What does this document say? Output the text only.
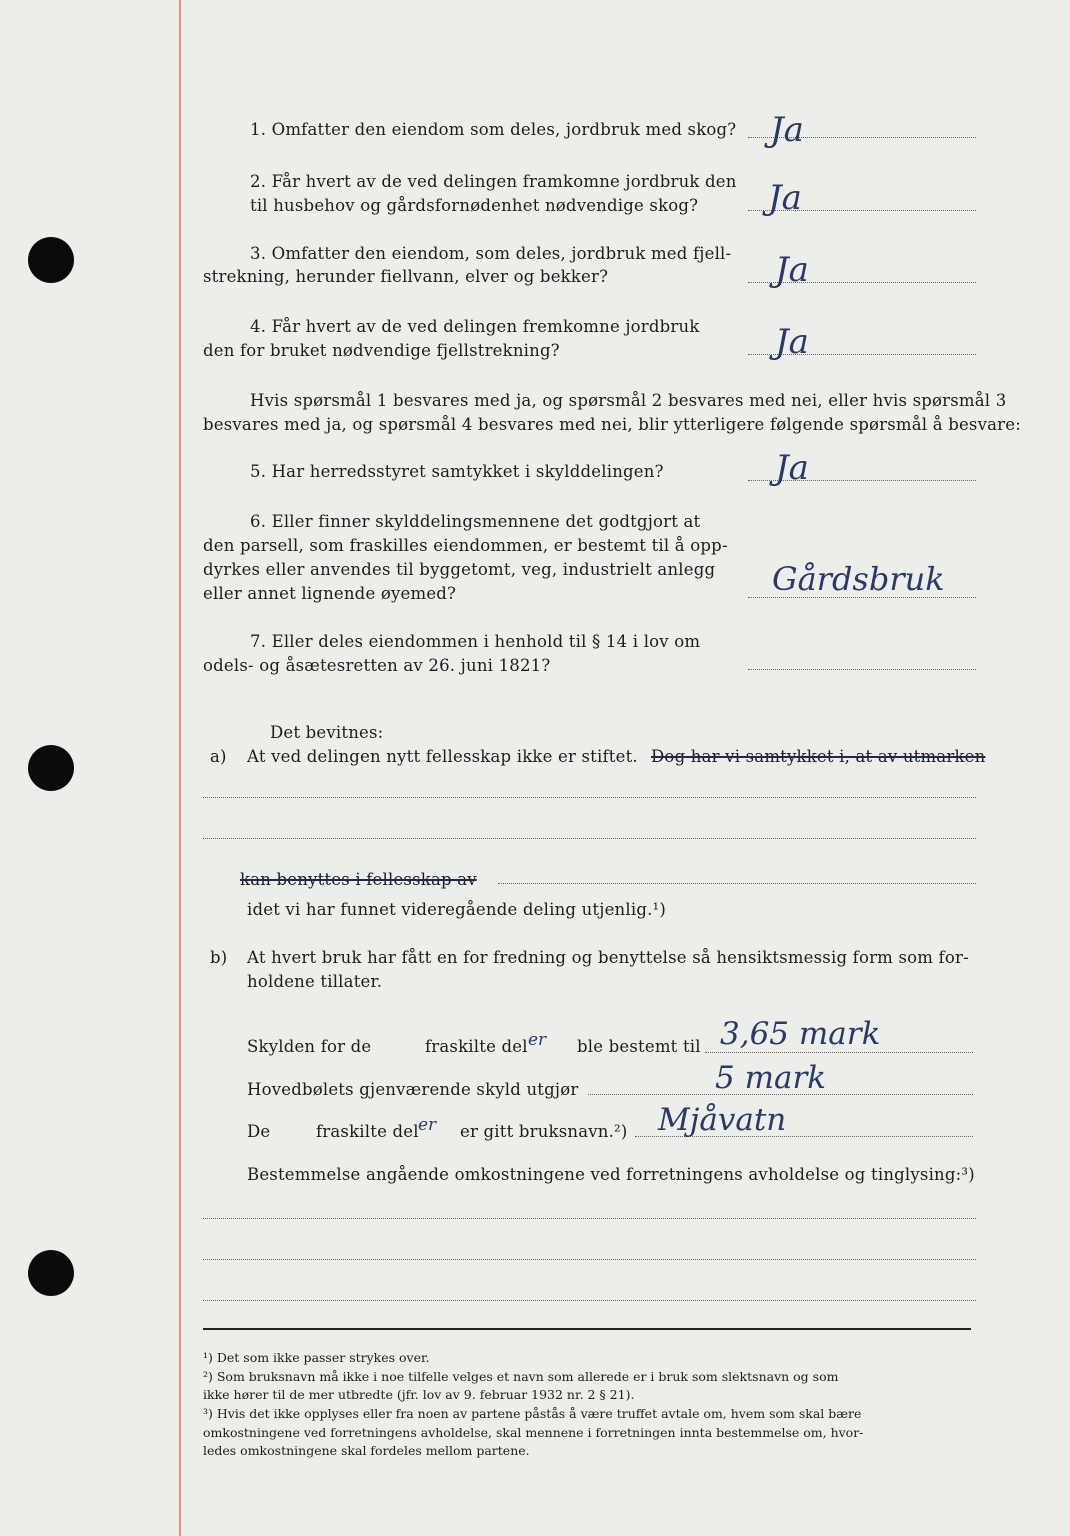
1. Omfatter den eiendom som deles, jordbruk med skog? Ja
2. Får hvert av de ved delingen framkomne jordbruk den
til husbehov og gårdsfornødenhet nødvendige skog? Ja
3. Omfatter den eiendom, som deles, jordbruk med fjell-
strekning, herunder fiellvann, elver og bekker?	Ja
4. Får hvert av de ved delingen fremkomne jordbruk
den for bruket nødvendige fjellstrekning?	Ja
Hvis spørsmål 1 besvares med ja, og spørsmål 2 besvares med nei, eller hvis spørsmål 3
besvares med ja, og spørsmål 4 besvares med nei, blir ytterligere følgende spørsmål å besvare:
5. Har herredsstyret samtykket i skylddelingen?	Ja
6. Eller finner skylddelingsmennene det godtgjort at
den parsell, som fraskilles eiendommen, er bestemt til å opp-
dyrkes eller anvendes til byggetomt, veg, industrielt anlegg
eller annet lignende øyemed?	Gårdsbruk
7. Eller deles eiendommen i henhold til § 14 i lov om
odels- og åsætesretten av 26. juni 1821?
Det bevitnes:
a) At ved delingen nytt fellesskap ikke er stiftet. Dog har vi samtykket i, at av utmarken
kan benyttes i fellesskap av
idet vi har funnet videregående deling utjenlig.¹)
b) At hvert bruk har fått en for fredning og benyttelse så hensiktsmessig form som for-
holdene tillater.
Skylden for de	fraskilte del er ble bestemt til 3,65 mark
Hovedbølets gjenværende skyld utgjør	5 mark
De	fraskilte del er er gitt bruksnavn.²) Mjåvatn
Bestemmelse angående omkostningene ved forretningens avholdelse og tinglysing:³)
¹) Det som ikke passer strykes over.
²) Som bruksnavn må ikke i noe tilfelle velges et navn som allerede er i bruk som slektsnavn og som
ikke hører til de mer utbredte (jfr. lov av 9. februar 1932 nr. 2 § 21).
³) Hvis det ikke opplyses eller fra noen av partene påstås å være truffet avtale om, hvem som skal bære
omkostningene ved forretningens avholdelse, skal mennene i forretningen innta bestemmelse om, hvor-
ledes omkostningene skal fordeles mellom partene.
